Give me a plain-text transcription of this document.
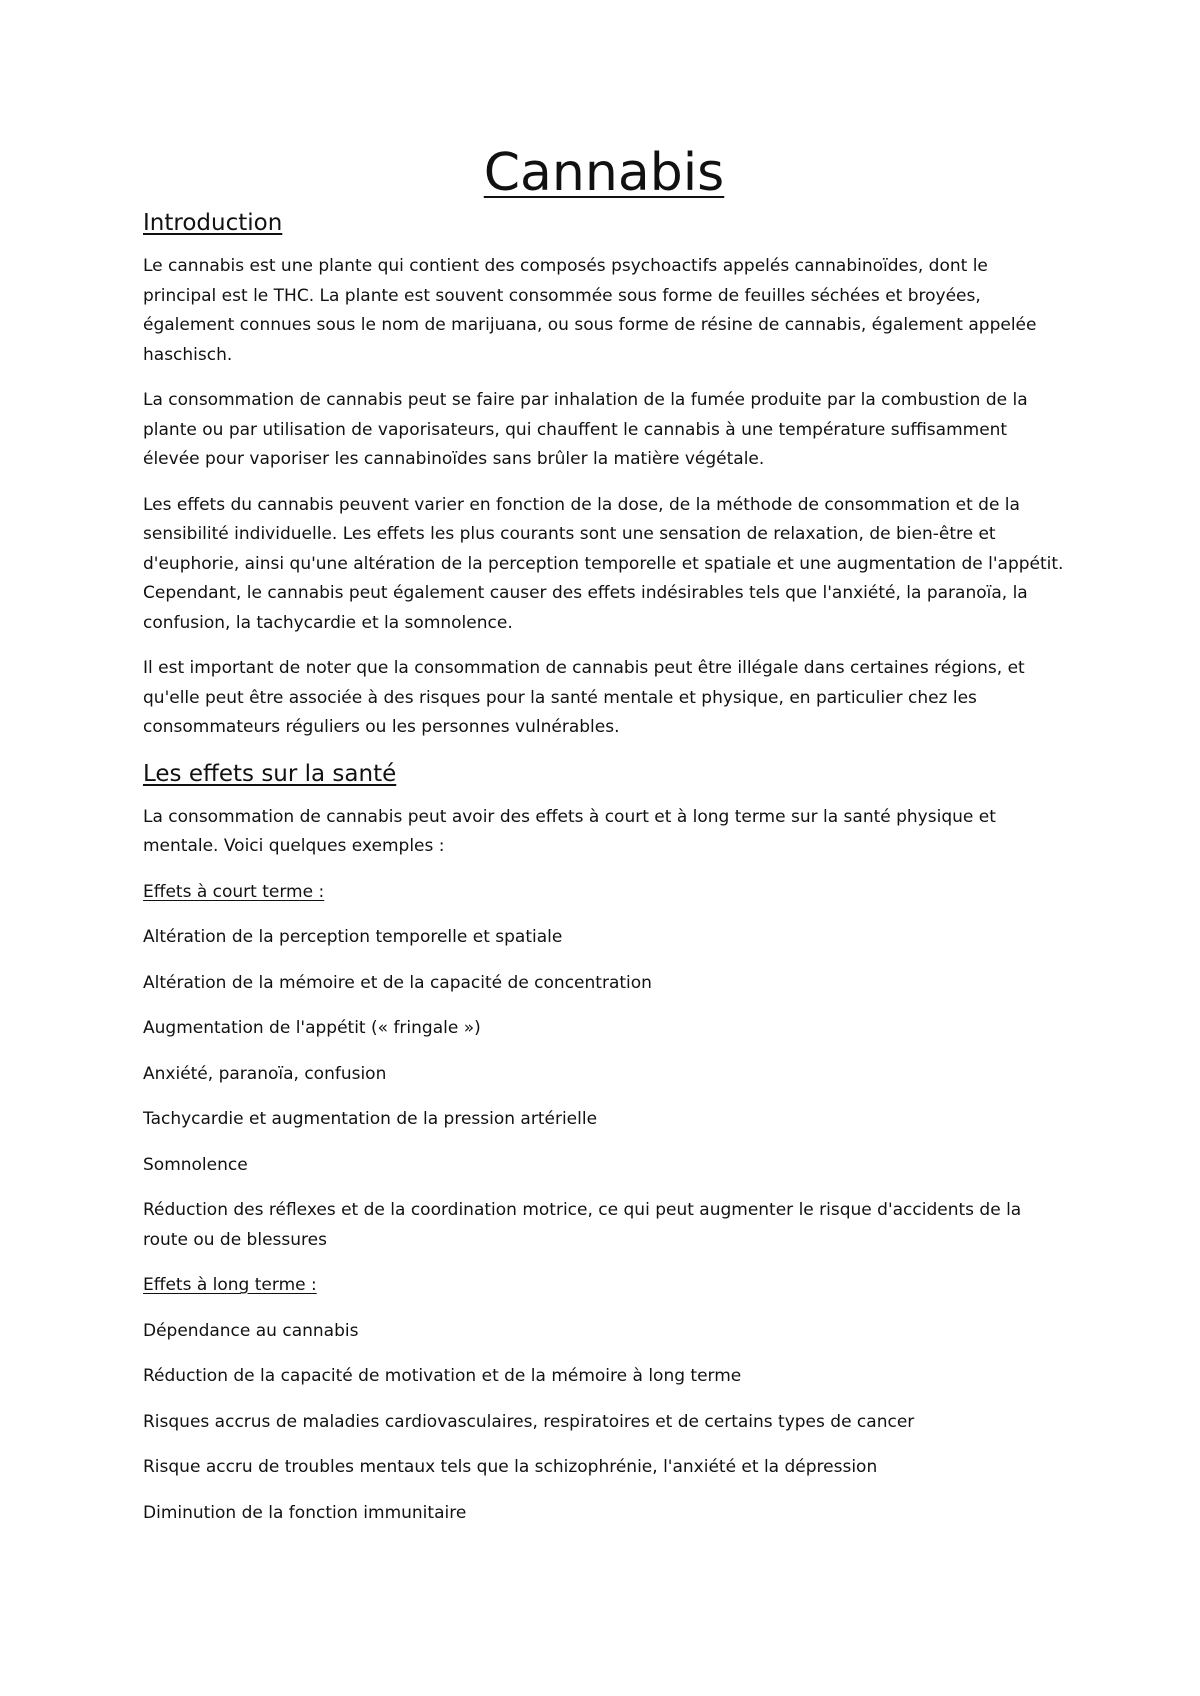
Cannabis
Introduction

Le cannabis est une plante qui contient des composés psychoactifs appelés cannabinoïdes, dont le principal est le THC. La plante est souvent consommée sous forme de feuilles séchées et broyées, également connues sous le nom de marijuana, ou sous forme de résine de cannabis, également appelée haschisch.

La consommation de cannabis peut se faire par inhalation de la fumée produite par la combustion de la plante ou par utilisation de vaporisateurs, qui chauffent le cannabis à une température suffisamment élevée pour vaporiser les cannabinoïdes sans brûler la matière végétale.

Les effets du cannabis peuvent varier en fonction de la dose, de la méthode de consommation et de la sensibilité individuelle. Les effets les plus courants sont une sensation de relaxation, de bien-être et d'euphorie, ainsi qu'une altération de la perception temporelle et spatiale et une augmentation de l'appétit. Cependant, le cannabis peut également causer des effets indésirables tels que l'anxiété, la paranoïa, la confusion, la tachycardie et la somnolence.

Il est important de noter que la consommation de cannabis peut être illégale dans certaines régions, et qu'elle peut être associée à des risques pour la santé mentale et physique, en particulier chez les consommateurs réguliers ou les personnes vulnérables.

Les effets sur la santé

La consommation de cannabis peut avoir des effets à court et à long terme sur la santé physique et mentale. Voici quelques exemples :

Effets à court terme :

Altération de la perception temporelle et spatiale

Altération de la mémoire et de la capacité de concentration

Augmentation de l'appétit (« fringale »)

Anxiété, paranoïa, confusion

Tachycardie et augmentation de la pression artérielle

Somnolence

Réduction des réflexes et de la coordination motrice, ce qui peut augmenter le risque d'accidents de la route ou de blessures

Effets à long terme :

Dépendance au cannabis

Réduction de la capacité de motivation et de la mémoire à long terme

Risques accrus de maladies cardiovasculaires, respiratoires et de certains types de cancer

Risque accru de troubles mentaux tels que la schizophrénie, l'anxiété et la dépression

Diminution de la fonction immunitaire
